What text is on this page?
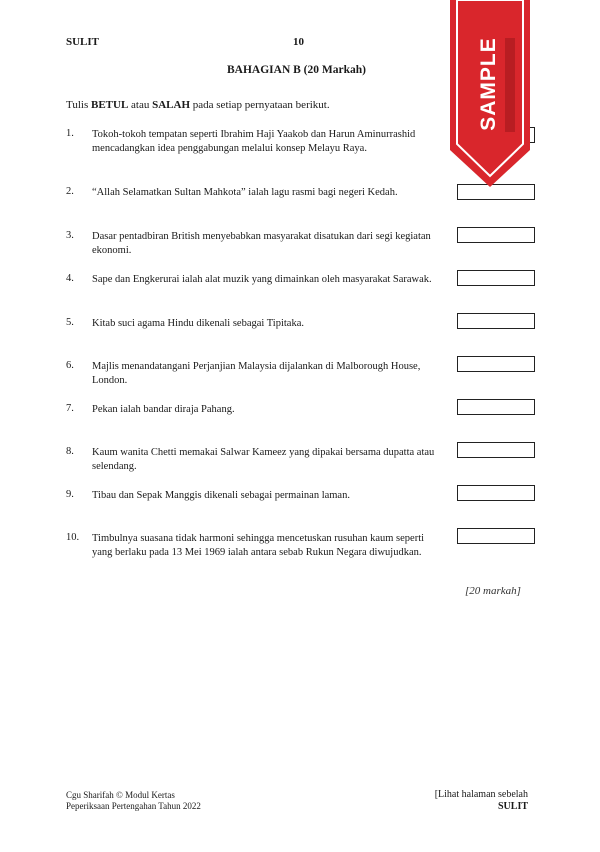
SULIT	10
BAHAGIAN B (20 Markah)
Tulis BETUL atau SALAH pada setiap pernyataan berikut.
1.	Tokoh-tokoh tempatan seperti Ibrahim Haji Yaakob dan Harun Aminurrashid mencadangkan idea penggabungan melalui konsep Melayu Raya.
2.	“Allah Selamatkan Sultan Mahkota” ialah lagu rasmi bagi negeri Kedah.
3.	Dasar pentadbiran British menyebabkan masyarakat disatukan dari segi kegiatan ekonomi.
4.	Sape dan Engkerurai ialah alat muzik yang dimainkan oleh masyarakat Sarawak.
5.	Kitab suci agama Hindu dikenali sebagai Tipitaka.
6.	Majlis menandatangani Perjanjian Malaysia dijalankan di Malborough House, London.
7.	Pekan ialah bandar diraja Pahang.
8.	Kaum wanita Chetti memakai Salwar Kameez yang dipakai bersama dupatta atau selendang.
9.	Tibau dan Sepak Manggis dikenali sebagai permainan laman.
10.	Timbulnya suasana tidak harmoni sehingga mencetuskan rusuhan kaum seperti yang berlaku pada 13 Mei 1969 ialah antara sebab Rukun Negara diwujudkan.
[20 markah]
SAMPLE
Cgu Sharifah © Modul Kertas
Peperiksaan Pertengahan Tahun 2022
[Lihat halaman sebelah
SULIT
